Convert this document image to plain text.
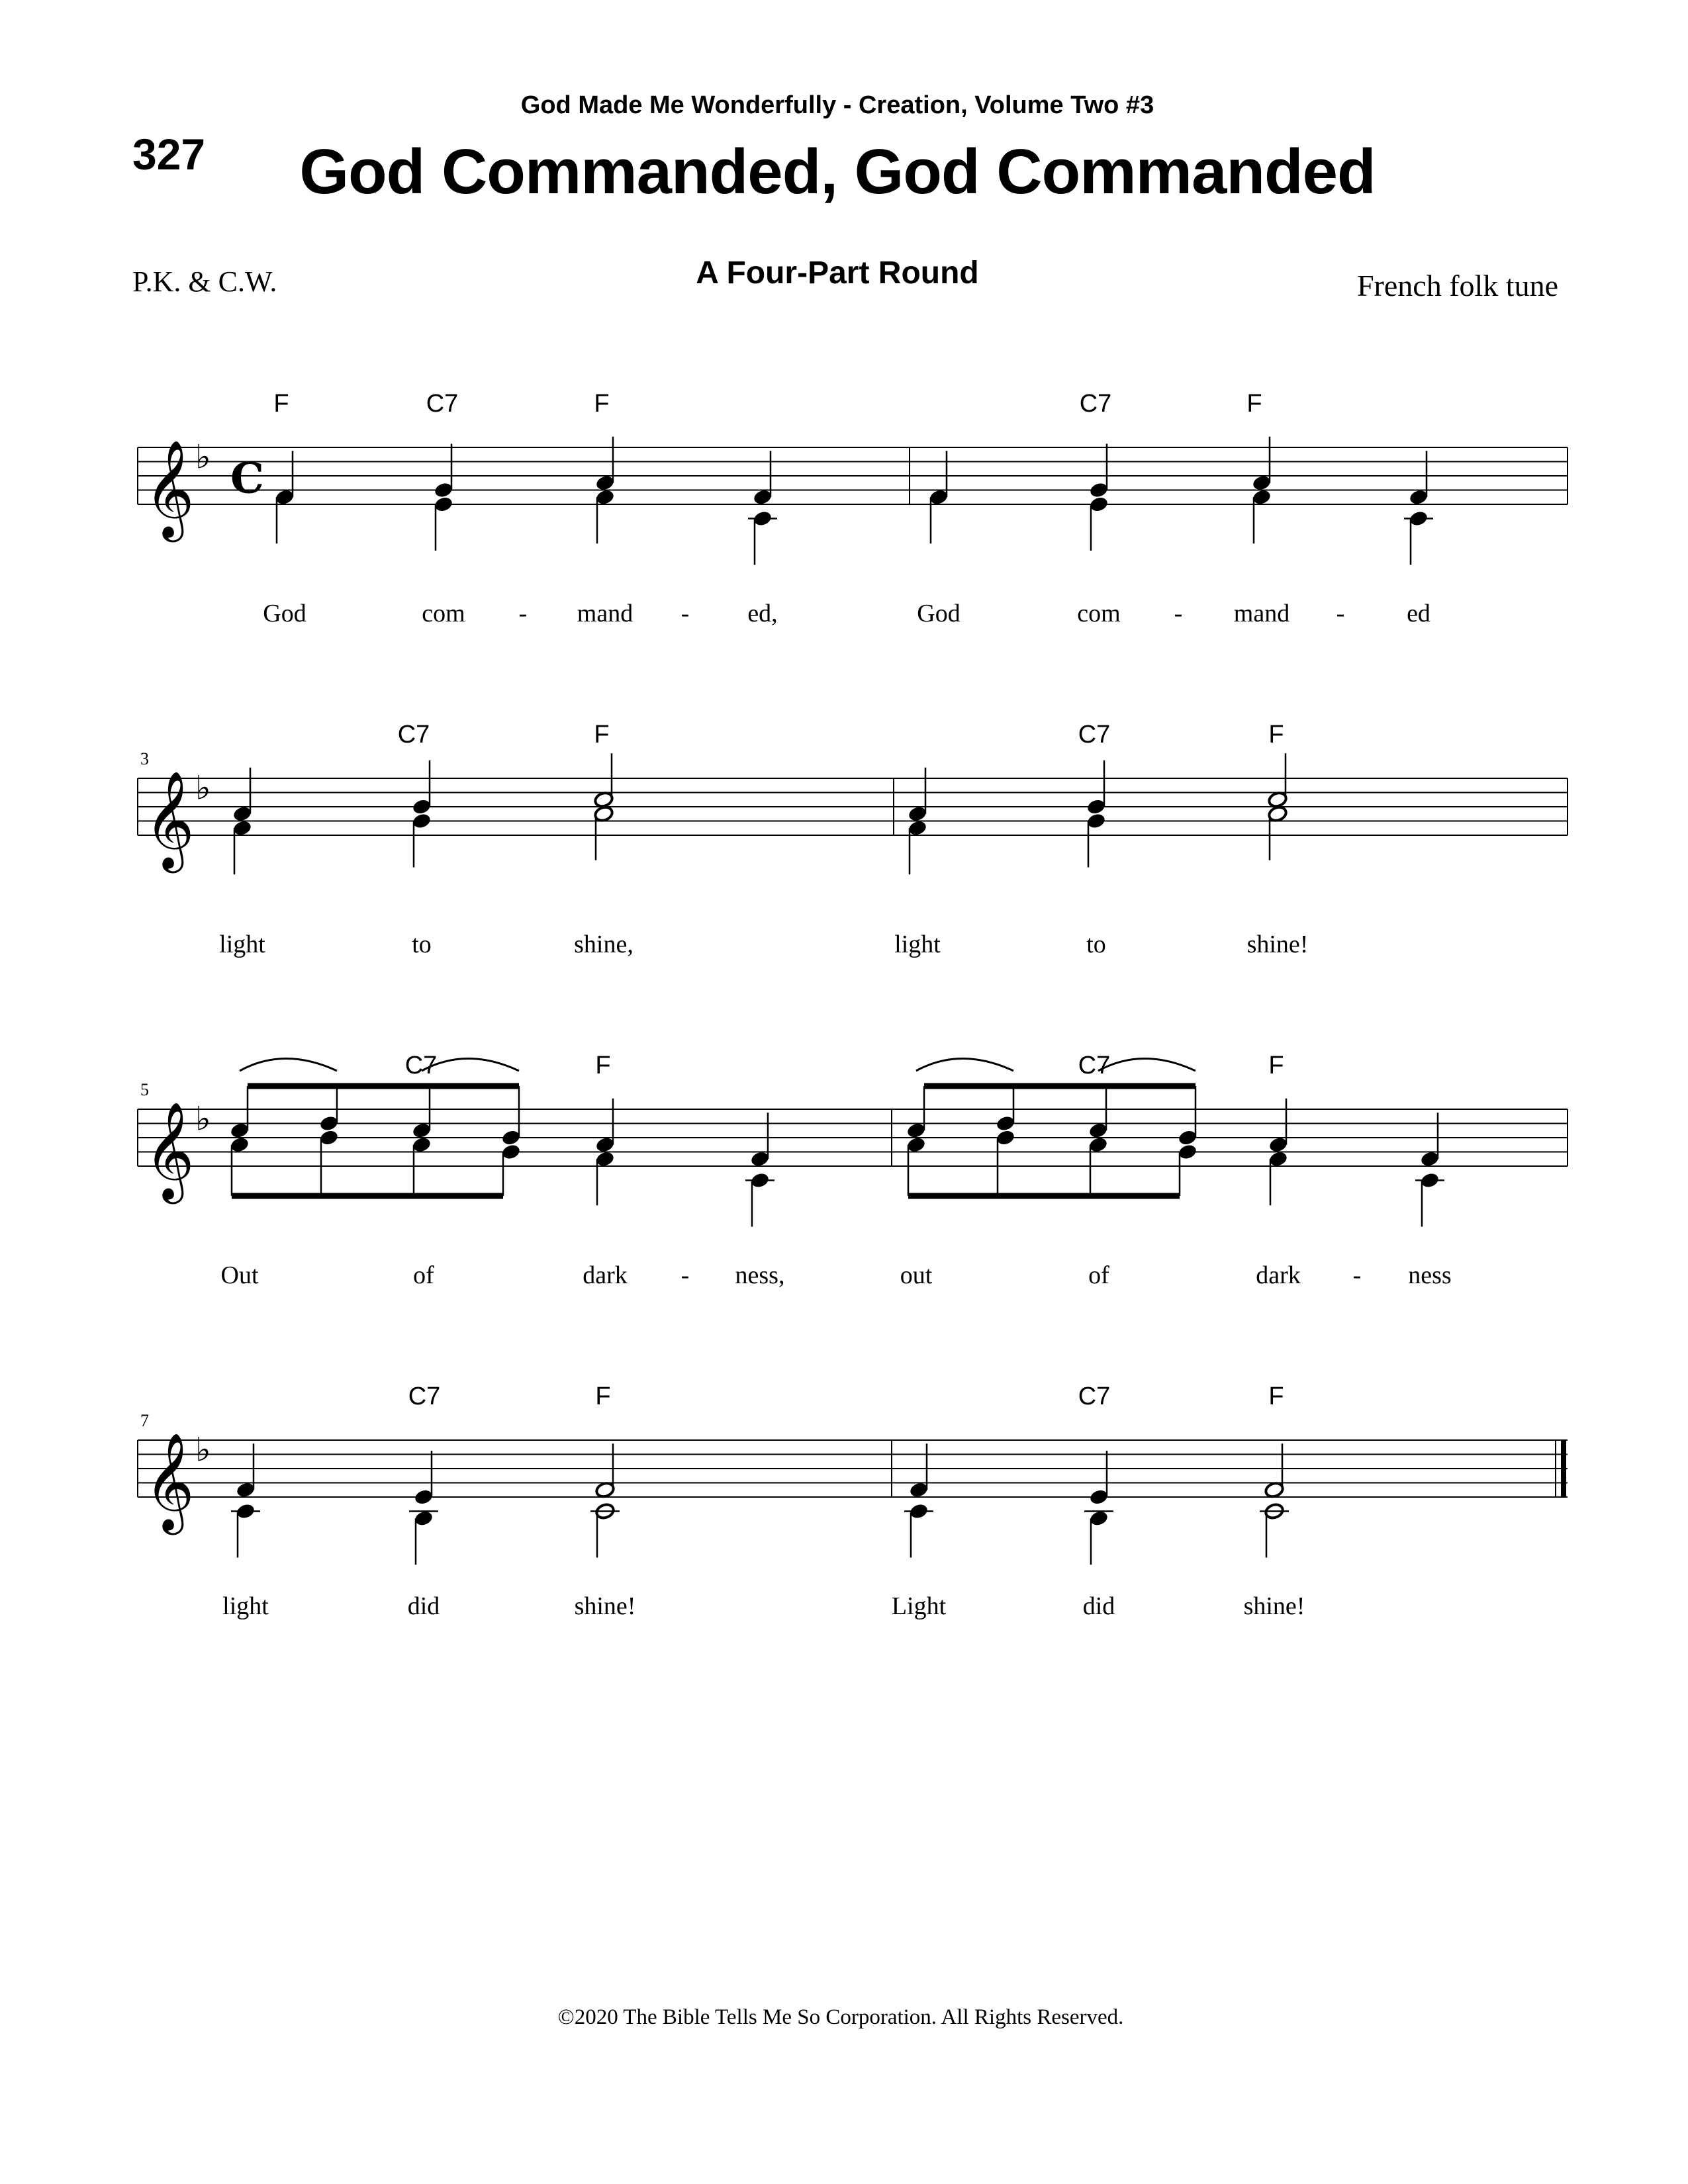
God Made Me Wonderfully - Creation, Volume Two #3
327	God Commanded, God Commanded
P.K. & C.W.	A Four-Part Round	French folk tune
𝄞 ♭ C
𝄞 ♭
𝄞 ♭
𝄞 ♭
F	C7	F	C7	F
God	com - mand - ed,	God	com - mand - ed
C7	F	C7	F
light	to	shine,	light	to	shine!
3
C7	F	C7	F
Out	of	dark - ness,	out	of	dark - ness
5
C7	F	C7	F
light	did	shine!	Light	did	shine!
7
©2020 The Bible Tells Me So Corporation. All Rights Reserved.
